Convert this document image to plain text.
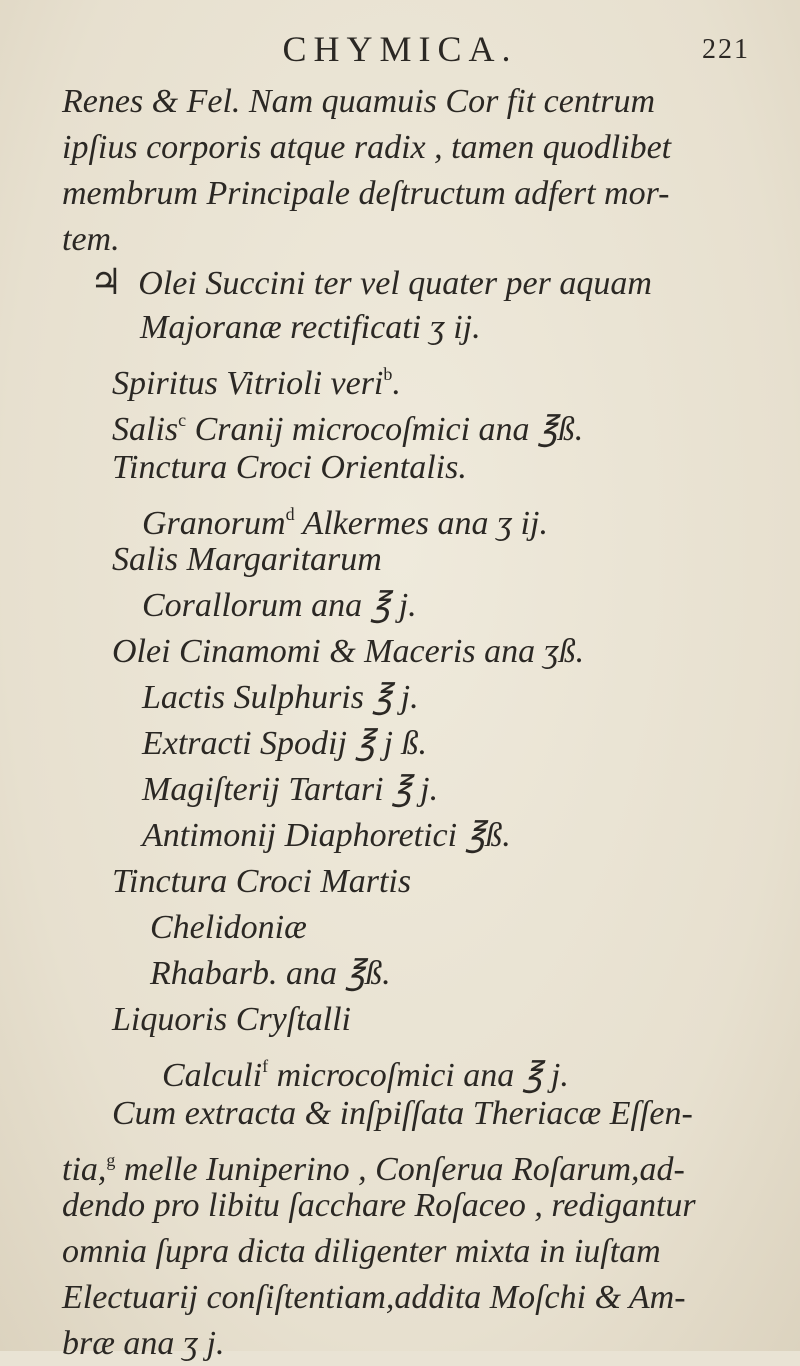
CHYMICA.	221
Renes & Fel. Nam quamuis Cor fit centrum
ipſius corporis atque radix , tamen quodlibet
membrum Principale deſtructum adfert mor-
tem.
♃ Olei Succini ter vel quater per aquam
Majoranæ rectificati ʒ ij.
Spiritus Vitrioli veri$^b$.
Salis$^c$ Cranij microcoſmici ana ℥ß.
Tinctura Croci Orientalis.
Granorum$^d$ Alkermes ana ʒ ij.
Salis Margaritarum
Corallorum ana ℥ j.
Olei Cinamomi & Maceris ana ʒß.
Lactis Sulphuris ℥ j.
Extracti Spodij ℥ j ß.
Magiſterij Tartari ℥ j.
Antimonij Diaphoretici ℥ß.
Tinctura Croci Martis
Chelidoniæ
Rhabarb. ana ℥ß.
Liquoris Cryſtalli
Calculi$^f$ microcoſmici ana ℥ j.
Cum extracta & inſpiſſata Theriacæ Eſſen-
tia,$^g$ melle Iuniperino , Conſerua Roſarum,ad-
dendo pro libitu ſacchare Roſaceo , redigantur
omnia ſupra dicta diligenter mixta in iuſtam
Electuarij conſiſtentiam,addita Moſchi & Am-
bræ ana ʒ j.
